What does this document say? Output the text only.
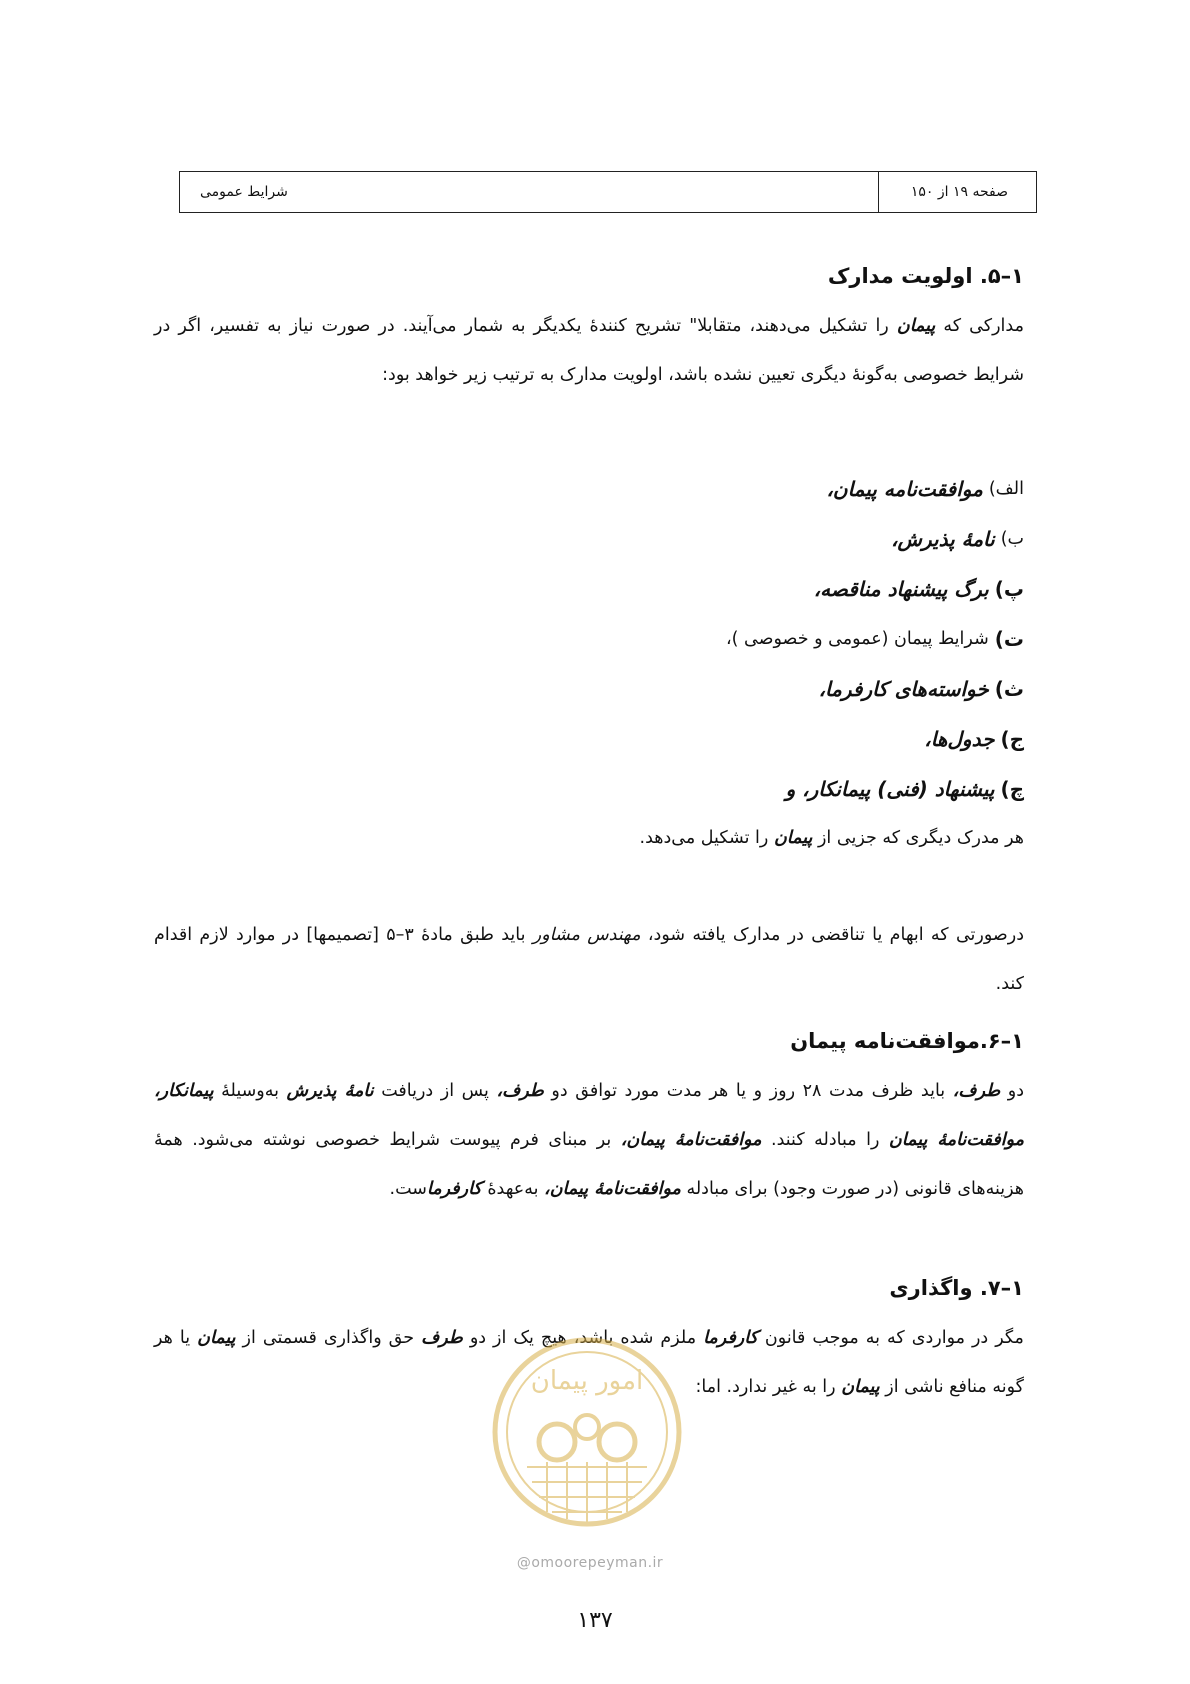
صفحه ۱۹ از ۱۵۰
شرایط عمومی
۱–۵. اولویت مدارک

مدارکی که پیمان را تشکیل می‌دهند، متقابلا" تشریح کنندهٔ یکدیگر به شمار می‌آیند. در صورت نیاز به تفسیر، اگر در شرایط خصوصی به‌گونهٔ دیگری تعیین نشده باشد، اولویت مدارک به ترتیب زیر خواهد بود:

الف)
موافقت‌نامه پیمان،
ب)
نامهٔ پذیرش،
پ)
برگ پیشنهاد مناقصه،
ت)
شرایط پیمان (عمومی و خصوصی )،
ث)
خواسته‌های کارفرما،
ج)
جدول‌ها،
چ)
پیشنهاد (فنی) پیمانکار، و

هر مدرک دیگری که جزیی از پیمان را تشکیل می‌دهد.

درصورتی که ابهام یا تناقضی در مدارک یافته شود، مهندس مشاور باید طبق مادهٔ ۳–۵ [تصمیمها] در موارد لازم اقدام کند.

۱–۶.موافقت‌نامه پیمان

دو طرف، باید ظرف مدت ۲۸ روز و یا هر مدت مورد توافق دو طرف، پس از دریافت نامهٔ پذیرش به‌وسیلهٔ پیمانکار، موافقت‌نامهٔ پیمان را مبادله کنند. موافقت‌نامهٔ پیمان، بر مبنای فرم پیوست شرایط خصوصی نوشته می‌شود. همهٔ هزینه‌های قانونی (در صورت وجود) برای مبادله موافقت‌نامهٔ پیمان، به‌عهدهٔ کارفرماست.

۱–۷. واگذاری

مگر در مواردی که به موجب قانون کارفرما ملزم شده باشد، هیچ یک از دو طرف حق واگذاری قسمتی از پیمان یا هر گونه منافع ناشی از پیمان را به غیر ندارد. اما:

امور پیمان
@omoorepeyman.ir
۱۳۷
